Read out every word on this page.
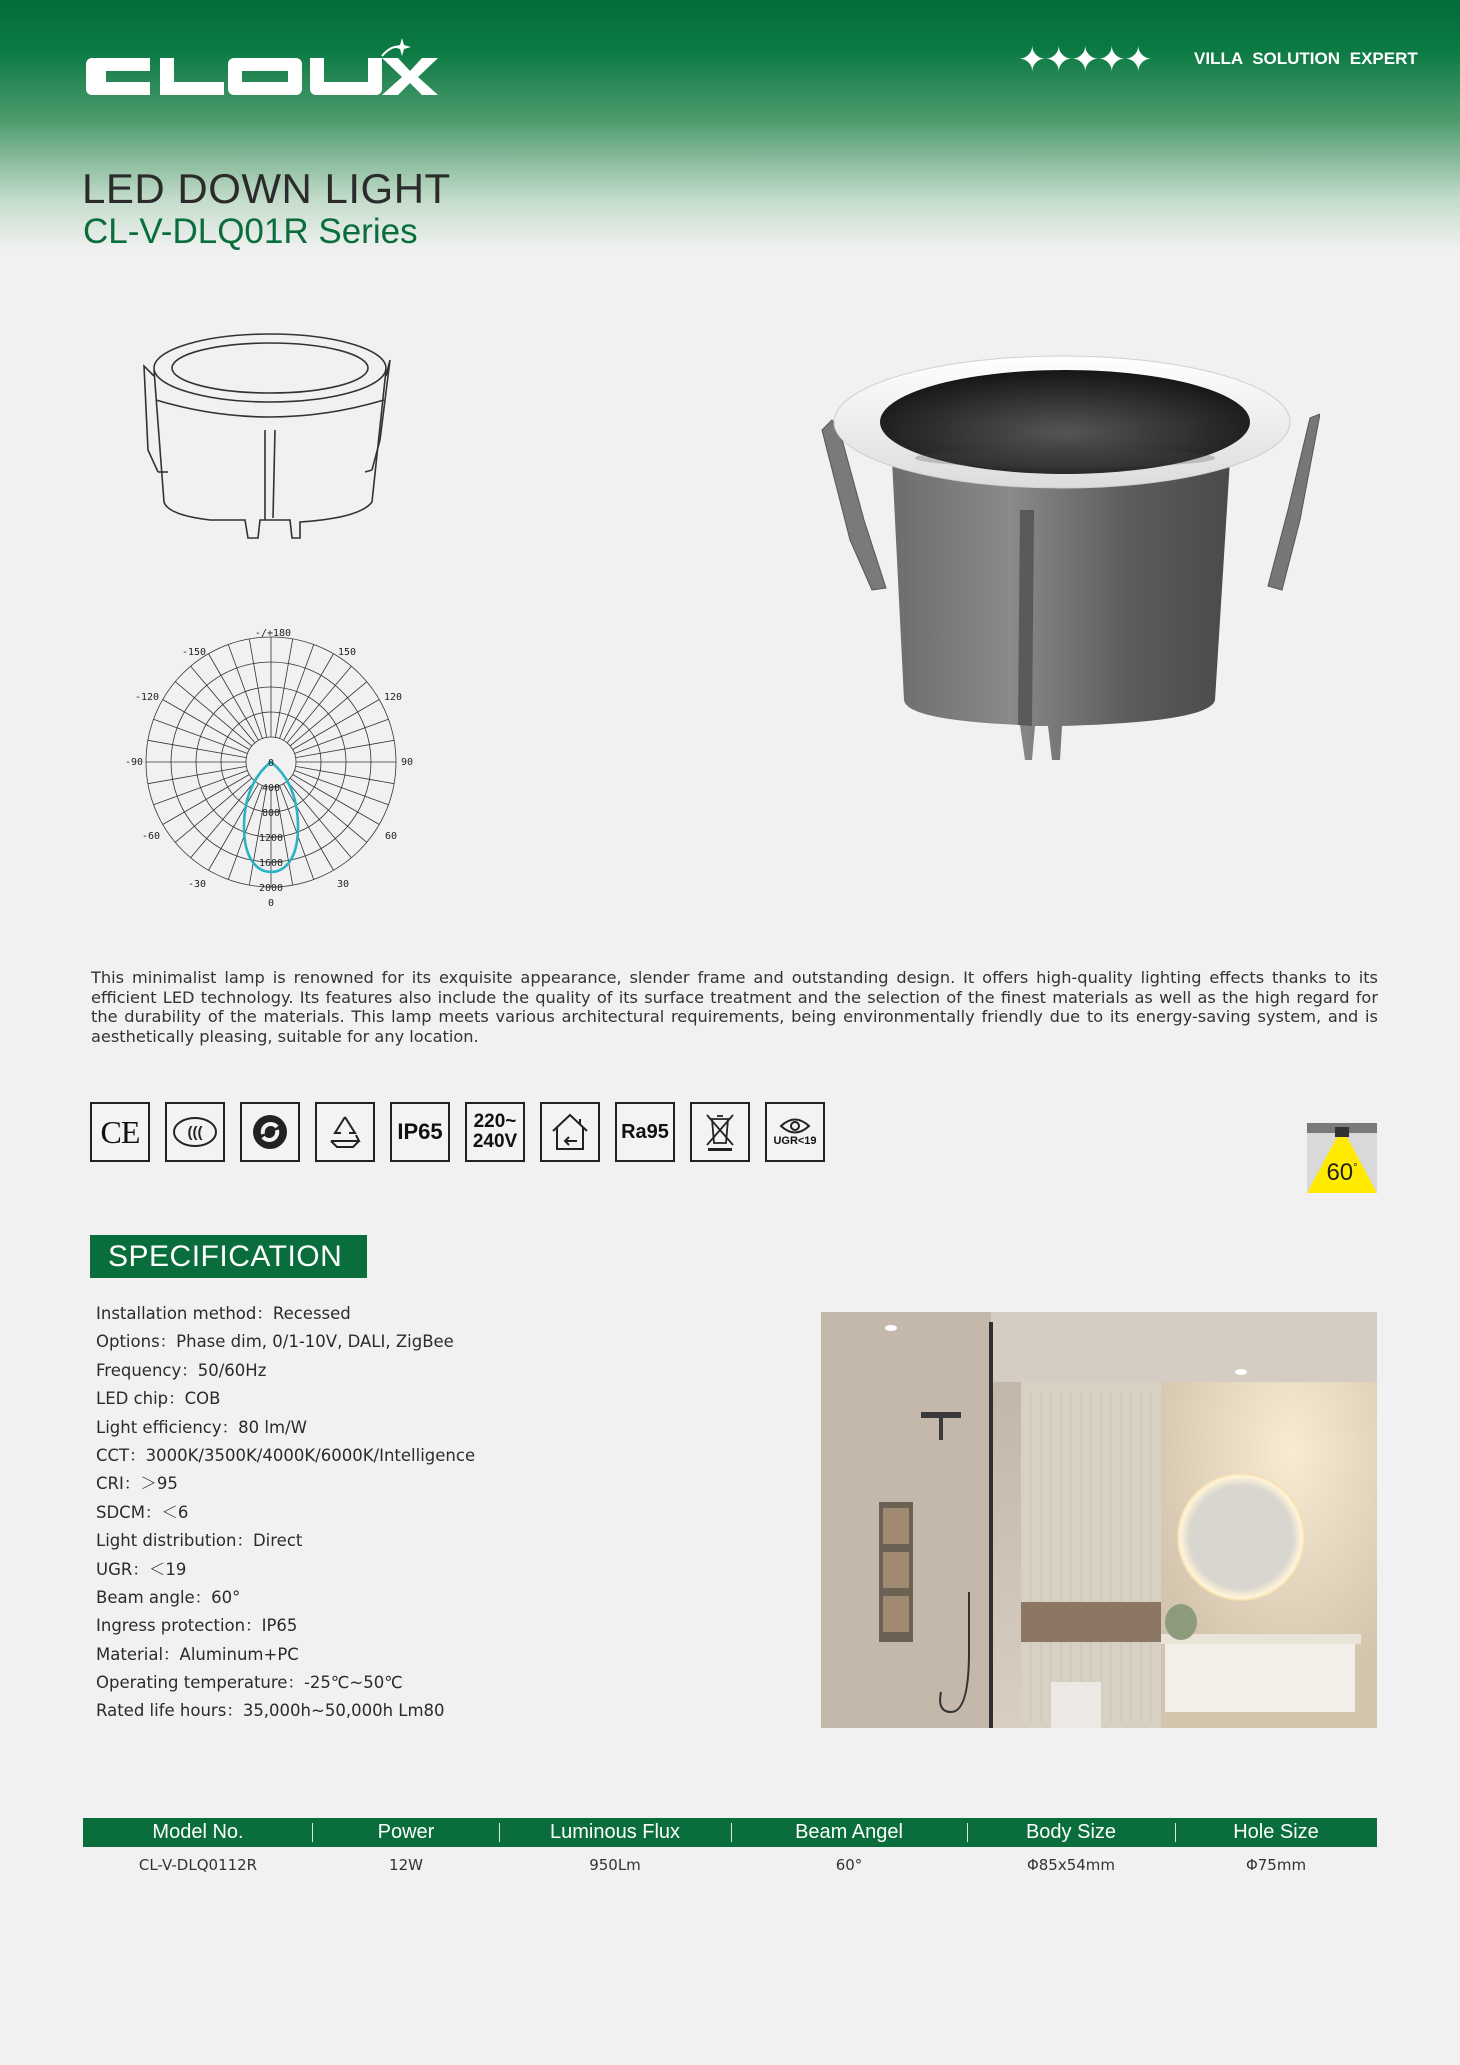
✦✦✦✦✦	VILLA SOLUTION EXPERT
LED DOWN LIGHT
CL-V-DLQ01R Series
-/+180
-150	150
-120	120
-90	90
-60	60
-30	30
0
0
400
800
1200
1600
2000
This minimalist lamp is renowned for its exquisite appearance, slender frame and outstanding design. It offers high-quality lighting effects thanks to its efficient LED technology. Its features also include the quality of its surface treatment and the selection of the finest materials as well as the high regard for the durability of the materials. This lamp meets various architectural requirements, being environmentally friendly due to its energy-saving system, and is aesthetically pleasing, suitable for any location.
CE	(((	IP65 220~
240V	Ra95	UGR<19
60°
SPECIFICATION
Installation method：Recessed
Options：Phase dim, 0/1-10V, DALI, ZigBee
Frequency：50/60Hz
LED chip：COB
Light efficiency：80 lm/W
CCT：3000K/3500K/4000K/6000K/Intelligence
CRI：＞95
SDCM：＜6
Light distribution：Direct
UGR：＜19
Beam angle：60°
Ingress protection：IP65
Material：Aluminum+PC
Operating temperature：-25℃~50℃
Rated life hours：35,000h~50,000h Lm80
Model No.	Power	Luminous Flux	Beam Angel	Body Size	Hole Size
CL-V-DLQ0112R	12W	950Lm	60°	Φ85x54mm	Φ75mm
